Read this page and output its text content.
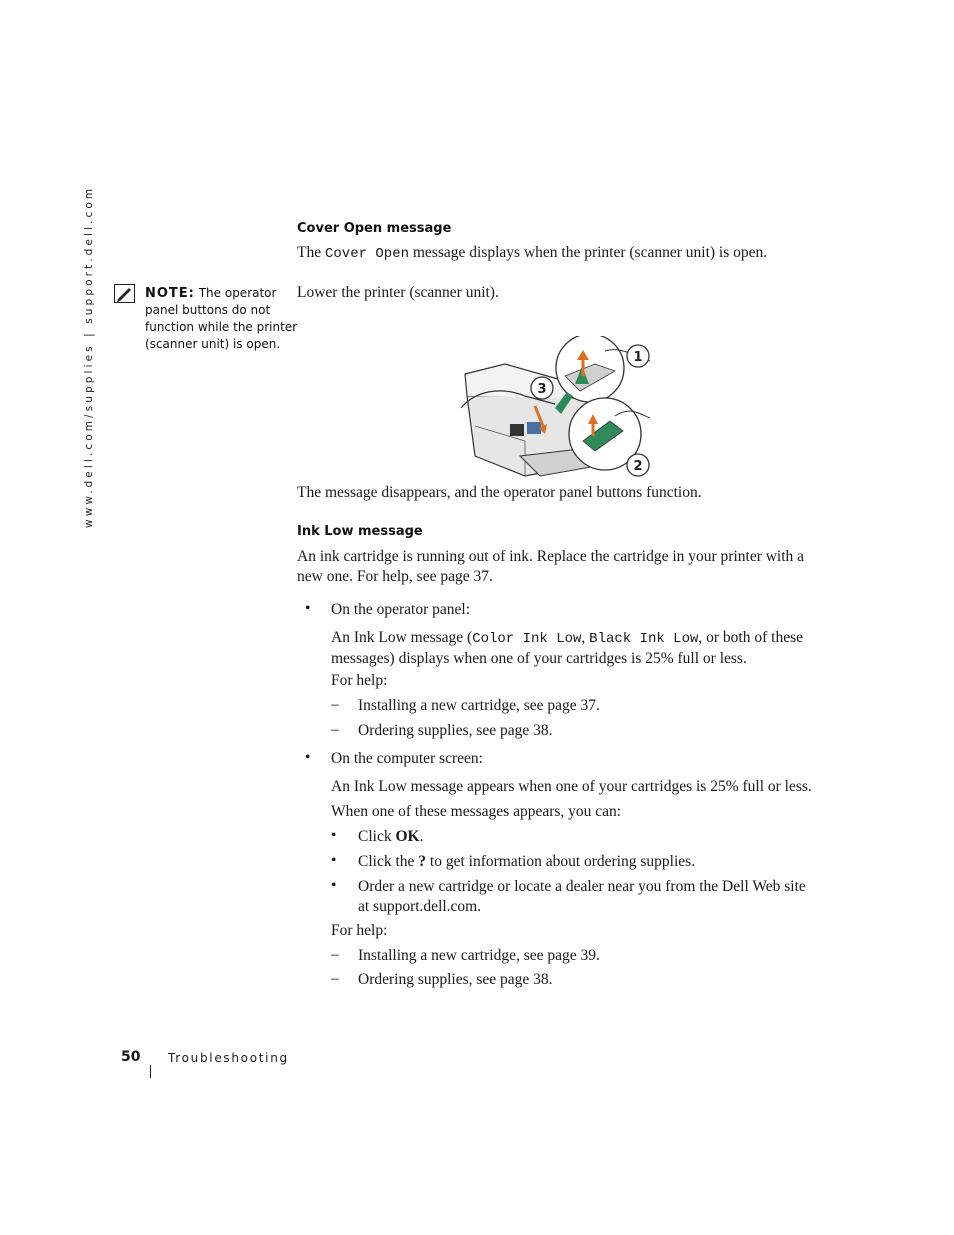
www.dell.com/supplies | support.dell.com	NOTE: The operator panel buttons do not function while the printer (scanner unit) is open.
Cover Open message
The Cover Open message displays when the printer (scanner unit) is open.
Lower the printer (scanner unit).
1
2
3
The message disappears, and the operator panel buttons function.
Ink Low message
An ink cartridge is running out of ink. Replace the cartridge in your printer with a new one. For help, see page 37.
• On the operator panel:
An Ink Low message (Color Ink Low, Black Ink Low, or both of these messages) displays when one of your cartridges is 25% full or less.
For help:
– Installing a new cartridge, see page 37.
– Ordering supplies, see page 38.
• On the computer screen:
An Ink Low message appears when one of your cartridges is 25% full or less.
When one of these messages appears, you can:
• Click OK.
• Click the ? to get information about ordering supplies.
• Order a new cartridge or locate a dealer near you from the Dell Web site at support.dell.com.
For help:
– Installing a new cartridge, see page 39.
– Ordering supplies, see page 38.
50 Troubleshooting
